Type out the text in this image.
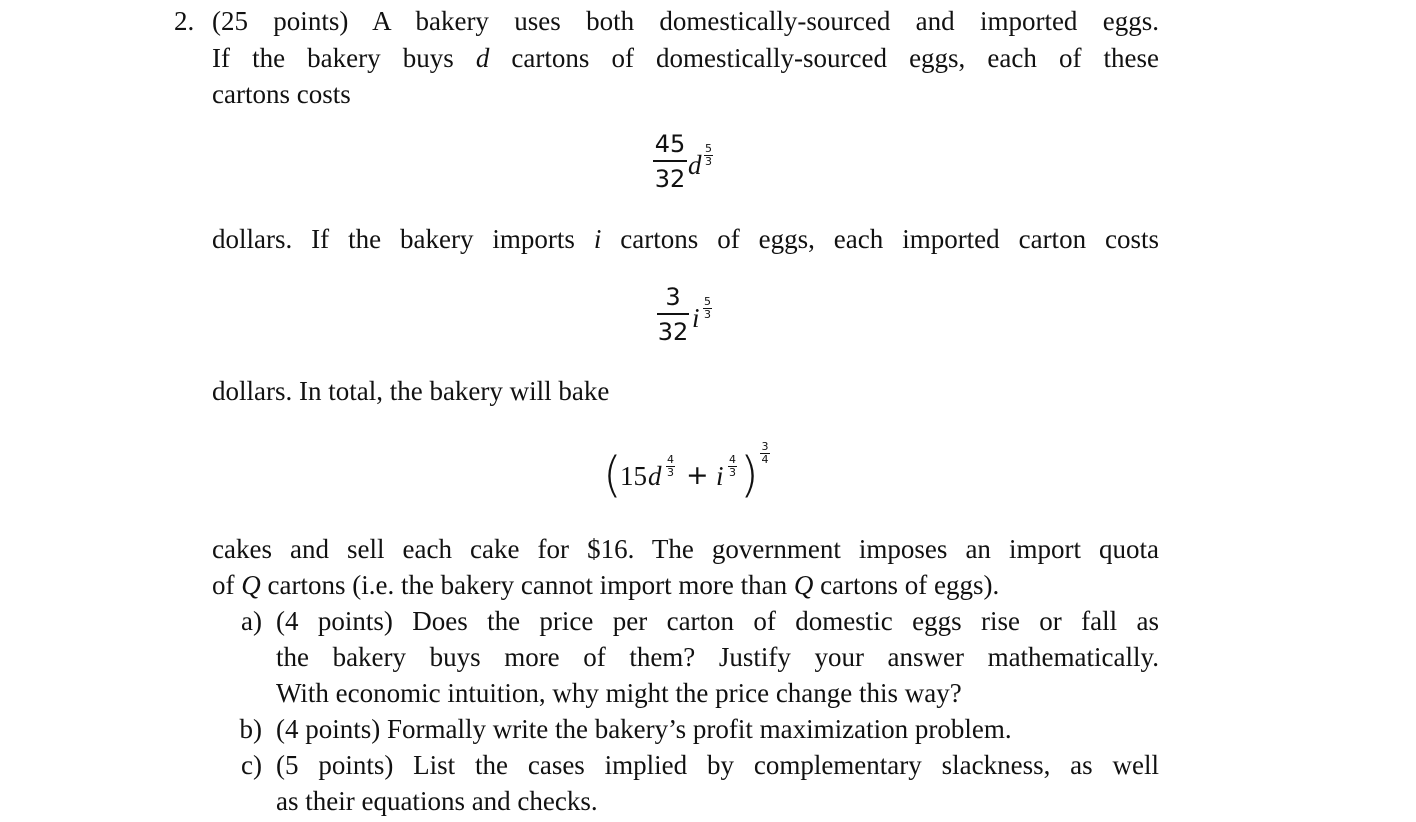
2. (25 points) A bakery uses both domestically-sourced and imported eggs.
If the bakery buys d cartons of domestically-sourced eggs, each of these
cartons costs
45
32 d
5
3
dollars. If the bakery imports i cartons of eggs, each imported carton costs
3
32 i
5
3
dollars. In total, the bakery will bake
(
15 d
4
3 + i
4
3 )
3
4
cakes and sell each cake for $16. The government imposes an import quota
of Q cartons (i.e. the bakery cannot import more than Q cartons of eggs).
a) (4 points) Does the price per carton of domestic eggs rise or fall as
the bakery buys more of them? Justify your answer mathematically.
With economic intuition, why might the price change this way?
b) (4 points) Formally write the bakery’s profit maximization problem.
c) (5 points) List the cases implied by complementary slackness, as well
as their equations and checks.
